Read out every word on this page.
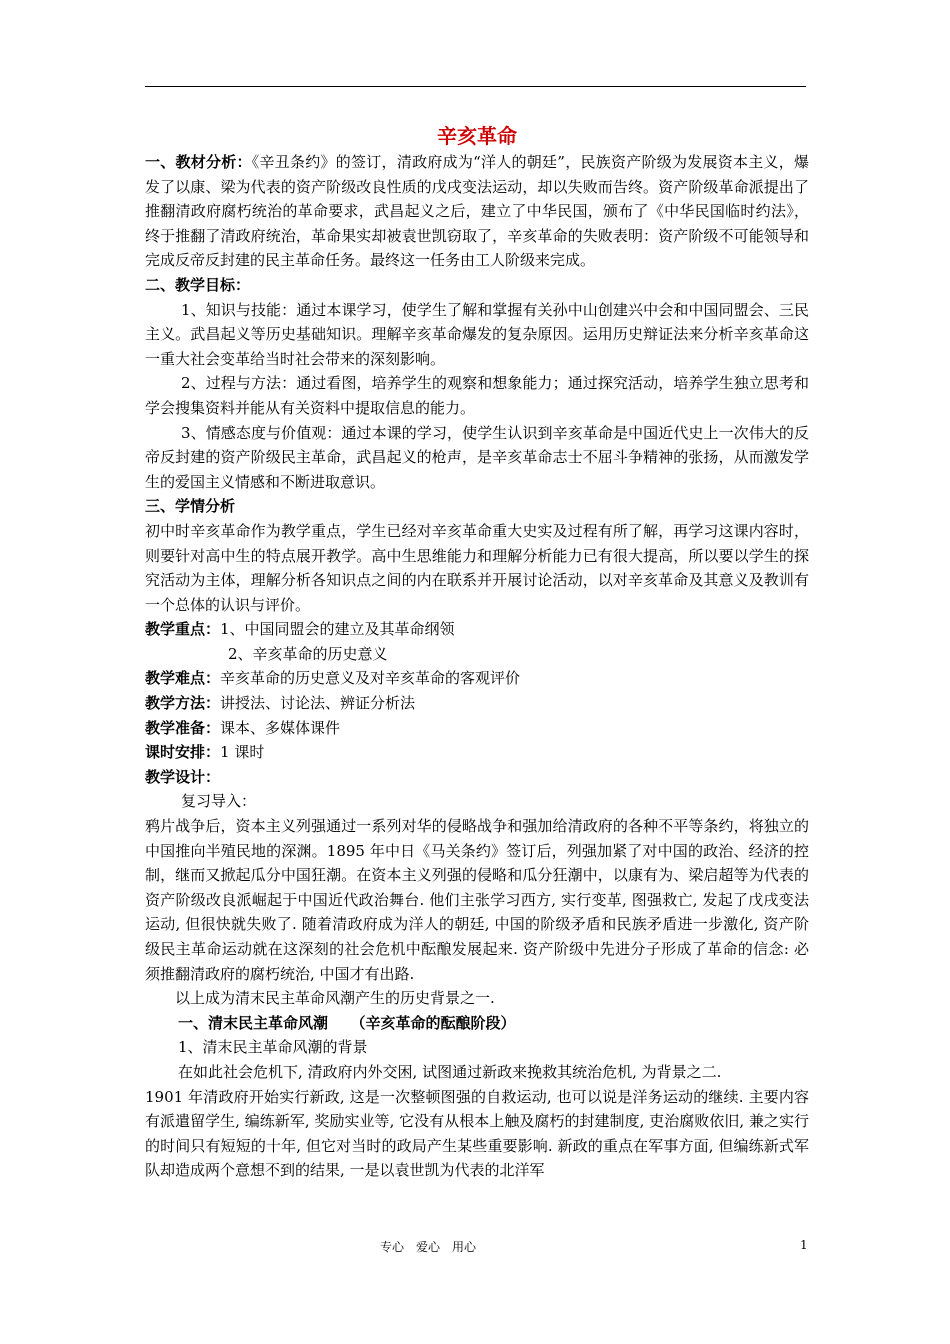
辛亥革命

一、教材分析：《辛丑条约》的签订，清政府成为“洋人的朝廷”，民族资产阶级为发展资本主义，爆发了以康、梁为代表的资产阶级改良性质的戊戌变法运动，却以失败而告终。资产阶级革命派提出了推翻清政府腐朽统治的革命要求，武昌起义之后，建立了中华民国，颁布了《中华民国临时约法》，终于推翻了清政府统治，革命果实却被袁世凯窃取了，辛亥革命的失败表明：资产阶级不可能领导和完成反帝反封建的民主革命任务。最终这一任务由工人阶级来完成。

二、教学目标：

1、知识与技能：通过本课学习，使学生了解和掌握有关孙中山创建兴中会和中国同盟会、三民主义。武昌起义等历史基础知识。理解辛亥革命爆发的复杂原因。运用历史辩证法来分析辛亥革命这一重大社会变革给当时社会带来的深刻影响。

2、过程与方法：通过看图，培养学生的观察和想象能力；通过探究活动，培养学生独立思考和学会搜集资料并能从有关资料中提取信息的能力。

3、情感态度与价值观：通过本课的学习，使学生认识到辛亥革命是中国近代史上一次伟大的反帝反封建的资产阶级民主革命，武昌起义的枪声，是辛亥革命志士不屈斗争精神的张扬，从而激发学生的爱国主义情感和不断进取意识。

三、学情分析

初中时辛亥革命作为教学重点，学生已经对辛亥革命重大史实及过程有所了解，再学习这课内容时，则要针对高中生的特点展开教学。高中生思维能力和理解分析能力已有很大提高，所以要以学生的探究活动为主体，理解分析各知识点之间的内在联系并开展讨论活动，以对辛亥革命及其意义及教训有一个总体的认识与评价。

教学重点：1、中国同盟会的建立及其革命纲领

2、辛亥革命的历史意义

教学难点：辛亥革命的历史意义及对辛亥革命的客观评价

教学方法：讲授法、讨论法、辨证分析法

教学准备：课本、多媒体课件

课时安排：1 课时

教学设计：

复习导入：

鸦片战争后，资本主义列强通过一系列对华的侵略战争和强加给清政府的各种不平等条约，将独立的中国推向半殖民地的深渊。1895 年中日《马关条约》签订后，列强加紧了对中国的政治、经济的控制，继而又掀起瓜分中国狂潮。在资本主义列强的侵略和瓜分狂潮中，以康有为、梁启超等为代表的资产阶级改良派崛起于中国近代政治舞台. 他们主张学习西方, 实行变革, 图强救亡, 发起了戊戌变法运动, 但很快就失败了. 随着清政府成为洋人的朝廷, 中国的阶级矛盾和民族矛盾进一步激化, 资产阶级民主革命运动就在这深刻的社会危机中酝酿发展起来. 资产阶级中先进分子形成了革命的信念: 必须推翻清政府的腐朽统治, 中国才有出路.

以上成为清末民主革命风潮产生的历史背景之一.

一、清末民主革命风潮　　 （辛亥革命的酝酿阶段）

1、清末民主革命风潮的背景

在如此社会危机下, 清政府内外交困, 试图通过新政来挽救其统治危机, 为背景之二.

1901 年清政府开始实行新政, 这是一次整顿图强的自救运动, 也可以说是洋务运动的继续. 主要内容有派遣留学生, 编练新军, 奖励实业等, 它没有从根本上触及腐朽的封建制度, 吏治腐败依旧, 兼之实行的时间只有短短的十年, 但它对当时的政局产生某些重要影响. 新政的重点在军事方面, 但编练新式军队却造成两个意想不到的结果, 一是以袁世凯为代表的北洋军

专心　爱心　用心	1
